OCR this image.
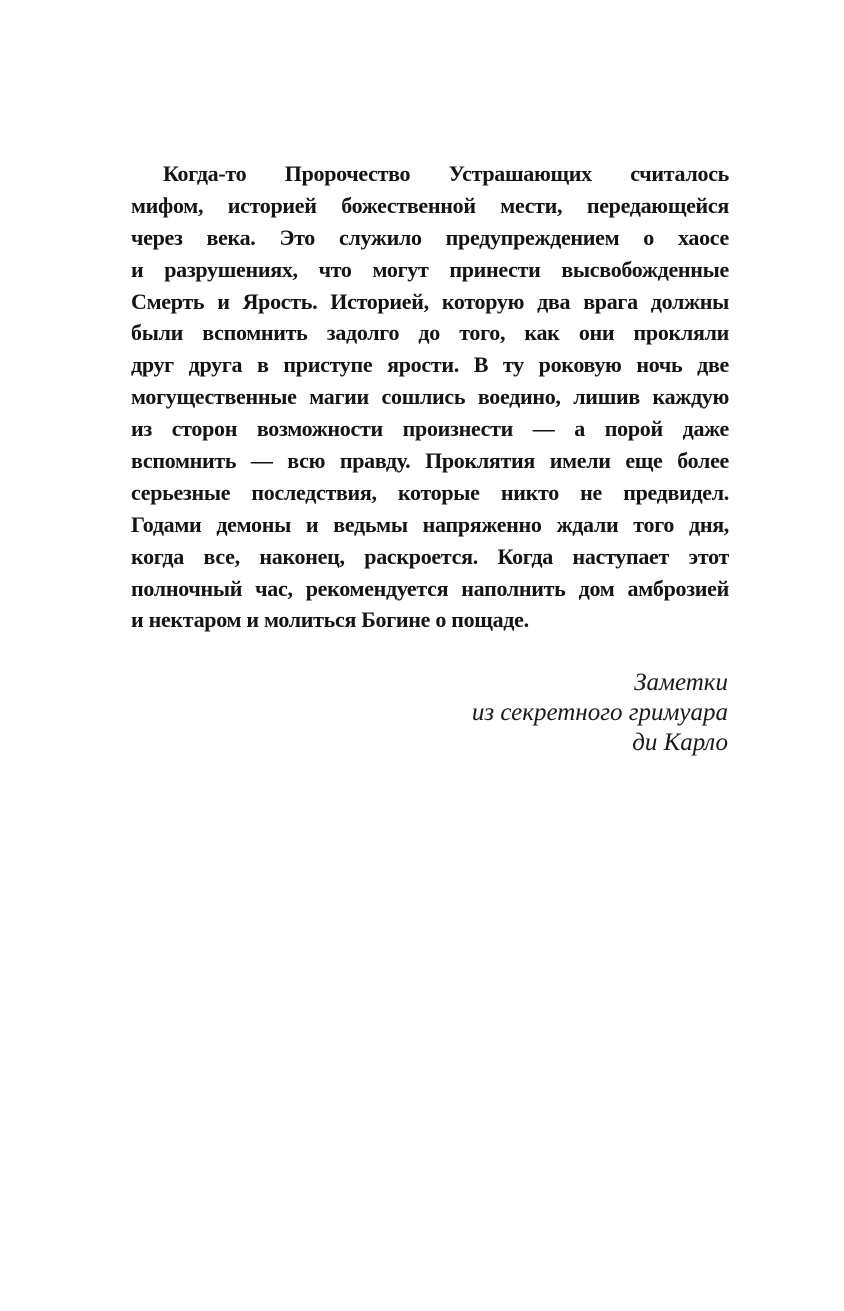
Когда-то Пророчество Устрашающих считалось
мифом, историей божественной мести, передающейся
через века. Это служило предупреждением о хаосе
и разрушениях, что могут принести высвобожденные
Смерть и Ярость. Историей, которую два врага должны
были вспомнить задолго до того, как они прокляли
друг друга в приступе ярости. В ту роковую ночь две
могущественные магии сошлись воедино, лишив каждую
из сторон возможности произнести — а порой даже
вспомнить — всю правду. Проклятия имели еще более
серьезные последствия, которые никто не предвидел.
Годами демоны и ведьмы напряженно ждали того дня,
когда все, наконец, раскроется. Когда наступает этот
полночный час, рекомендуется наполнить дом амброзией
и нектаром и молиться Богине о пощаде.
Заметки
из секретного гримуара
ди Карло
